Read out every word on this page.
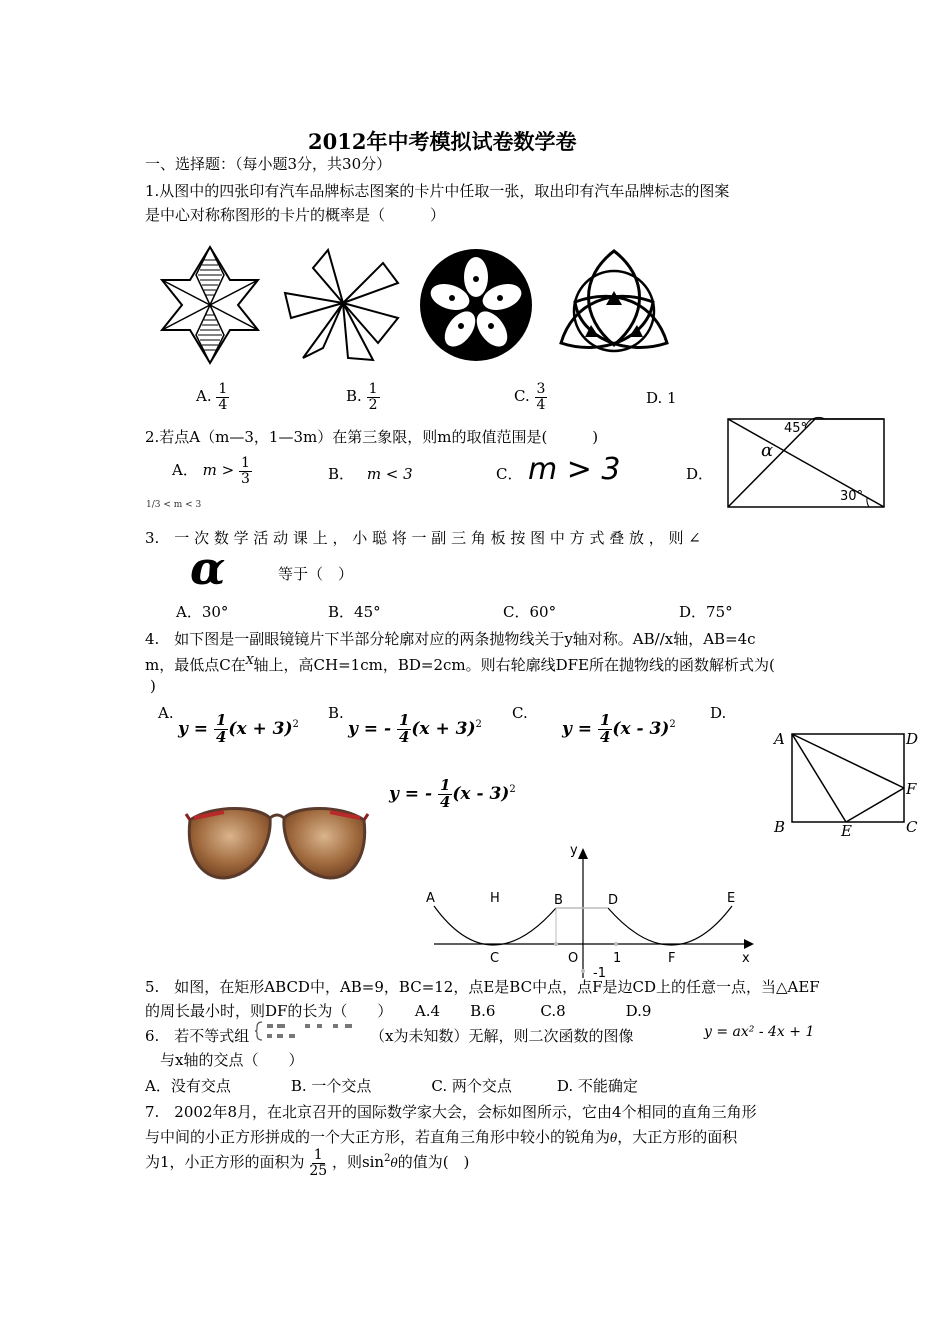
2012年中考模拟试卷数学卷
一、选择题：（每小题3分，共30分）
1.从图中的四张印有汽车品牌标志图案的卡片中任取一张，取出印有汽车品牌标志的图案
是中心对称称图形的卡片的概率是（　　　）
A. $\frac{1}{4}$	B. $\frac{1}{2}$	C. $\frac{3}{4}$	D. 1
45°
α
30°
2.若点A（m—3，1—3m）在第三象限，则m的取值范围是(　　　)
A． $m > \frac{1}{3}$	B． m < 3	C． m > 3	D．
1/3 < m < 3
3.　一 次 数 学 活 动 课 上 ， 小 聪 将 一 副 三 角 板 按 图 中 方 式 叠 放 ， 则 ∠
α	等于（　）
A．30°	B．45°	C．60°	D．75°
4.　如下图是一副眼镜镜片下半部分轮廓对应的两条抛物线关于y轴对称。AB//x轴，AB=4c
m，最低点C在$^X$轴上，高CH=1cm，BD=2cm。则右轮廓线DFE所在抛物线的函数解析式为(
)
A.	B.	C.	D.
$y = \frac{1}{4} (x + 3)^2$	y = - $\frac{1}{4} (x + 3)^2$	$y = \frac{1}{4} (x - 3)^2$
y = - $\frac{1}{4} (x - 3)^2$
A	D
F
B	E	C
y
x
A	H	B	D	E
C	O	1	F
-1
5.　如图，在矩形ABCD中，AB=9，BC=12，点E是BC中点，点F是边CD上的任意一点，当△AEF
的周长最小时，则DF的长为（　　）　　A.4　　B.6　　　C.8　　　　D.9
6.　若不等式组	（x为未知数）无解，则二次函数的图像	y = ax² - 4x + 1
与x轴的交点（　　）
A．没有交点　　　　B. 一个交点　　　　C. 两个交点　　　D. 不能确定
7.　2002年8月，在北京召开的国际数学家大会，会标如图所示，它由4个相同的直角三角形
与中间的小正方形拼成的一个大正方形，若直角三角形中较小的锐角为θ，大正方形的面积
为1，小正方形的面积为 $\frac{1}{25}$ ，则$\sin^2\theta$的值为(　)
